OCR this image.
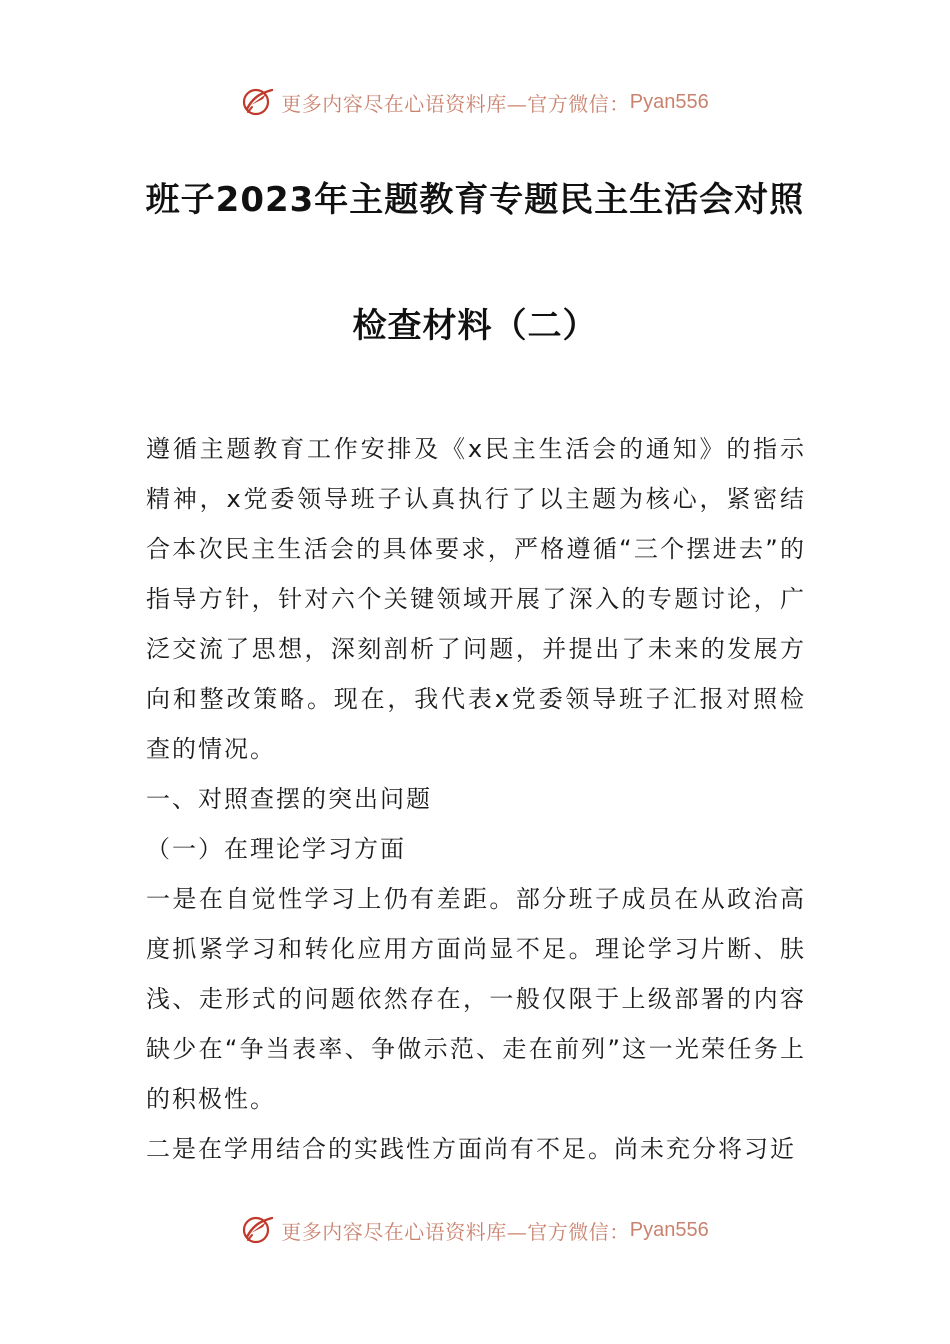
更多内容尽在心语资料库—官方微信： Pyan556
班子2023年主题教育专题民主生活会对照
检查材料（二）

遵循主题教育工作安排及《x民主生活会的通知》的指示精神，x党委领导班子认真执行了以主题为核心，紧密结合本次民主生活会的具体要求，严格遵循“三个摆进去”的指导方针，针对六个关键领域开展了深入的专题讨论，广泛交流了思想，深刻剖析了问题，并提出了未来的发展方向和整改策略。现在，我代表x党委领导班子汇报对照检查的情况。

一、对照查摆的突出问题

（一）在理论学习方面

一是在自觉性学习上仍有差距。部分班子成员在从政治高度抓紧学习和转化应用方面尚显不足。理论学习片断、肤浅、走形式的问题依然存在，一般仅限于上级部署的内容缺少在“争当表率、争做示范、走在前列”这一光荣任务上的积极性。

二是在学用结合的实践性方面尚有不足。尚未充分将习近

更多内容尽在心语资料库—官方微信： Pyan556
